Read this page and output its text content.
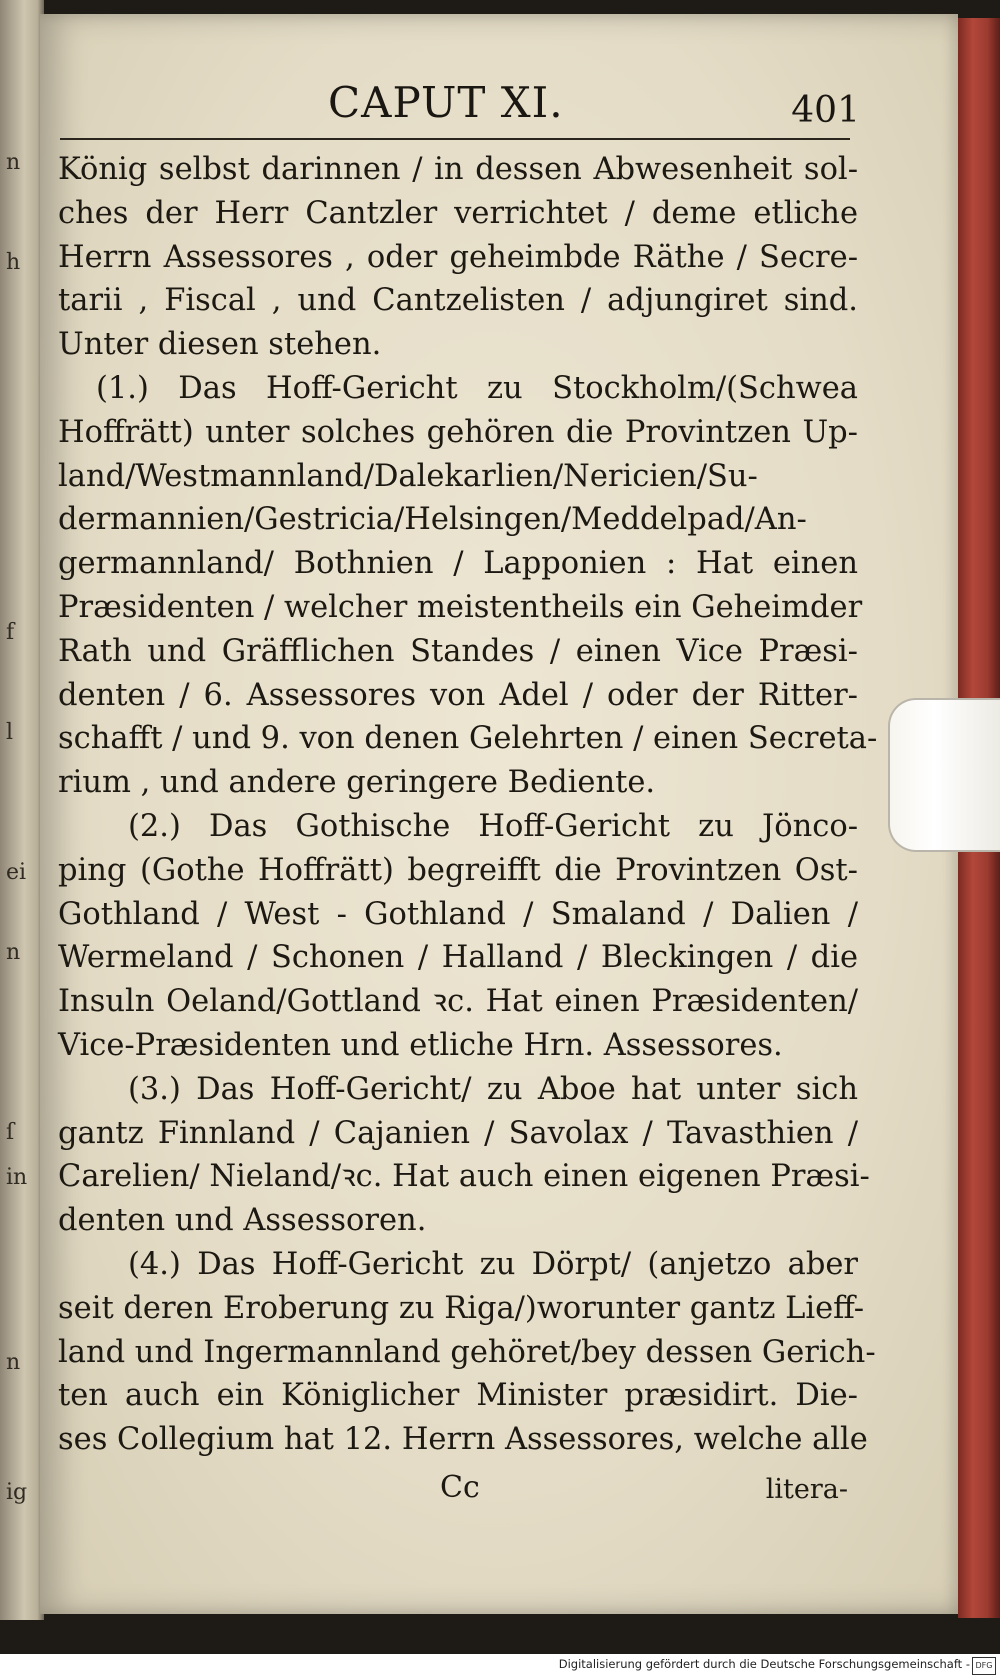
n
h
f
l
ei
n
ſ
in
n
ig
CAPUT XI.	401
König selbst darinnen / in dessen Abwesenheit sol-
ches der Herr Cantzler verrichtet / deme etliche
Herrn Assessores , oder geheimbde Räthe / Secre-
tarii , Fiscal , und Cantzelisten / adjungiret sind.
Unter diesen stehen.
(1.) Das Hoff-Gericht zu Stockholm/(Schwea
Hoffrätt) unter solches gehören die Provintzen Up-
land/Westmannland/Dalekarlien/Nericien/Su-
dermannien/Gestricia/Helsingen/Meddelpad/An-
germannland/ Bothnien / Lapponien : Hat einen
Præsidenten / welcher meistentheils ein Geheimder
Rath und Gräfflichen Standes / einen Vice Præsi-
denten / 6. Assessores von Adel / oder der Ritter-
schafft / und 9. von denen Gelehrten / einen Secreta-
rium , und andere geringere Bediente.
(2.) Das Gothische Hoff-Gericht zu Jönco-
ping (Gothe Hoffrätt) begreifft die Provintzen Ost-
Gothland / West - Gothland / Smaland / Dalien /
Wermeland / Schonen / Halland / Bleckingen / die
Insuln Oeland/Gottland ꝛc. Hat einen Præsidenten/
Vice-Præsidenten und etliche Hrn. Assessores.
(3.) Das Hoff-Gericht/ zu Aboe hat unter sich
gantz Finnland / Cajanien / Savolax / Tavasthien /
Carelien/ Nieland/ꝛc. Hat auch einen eigenen Præsi-
denten und Assessoren.
(4.) Das Hoff-Gericht zu Dörpt/ (anjetzo aber
seit deren Eroberung zu Riga/)worunter gantz Lieff-
land und Ingermannland gehöret/bey dessen Gerich-
ten auch ein Königlicher Minister præsidirt. Die-
ses Collegium hat 12. Herrn Assessores, welche alle
Cc	litera-
Digitalisierung gefördert durch die Deutsche Forschungsgemeinschaft - DFG
